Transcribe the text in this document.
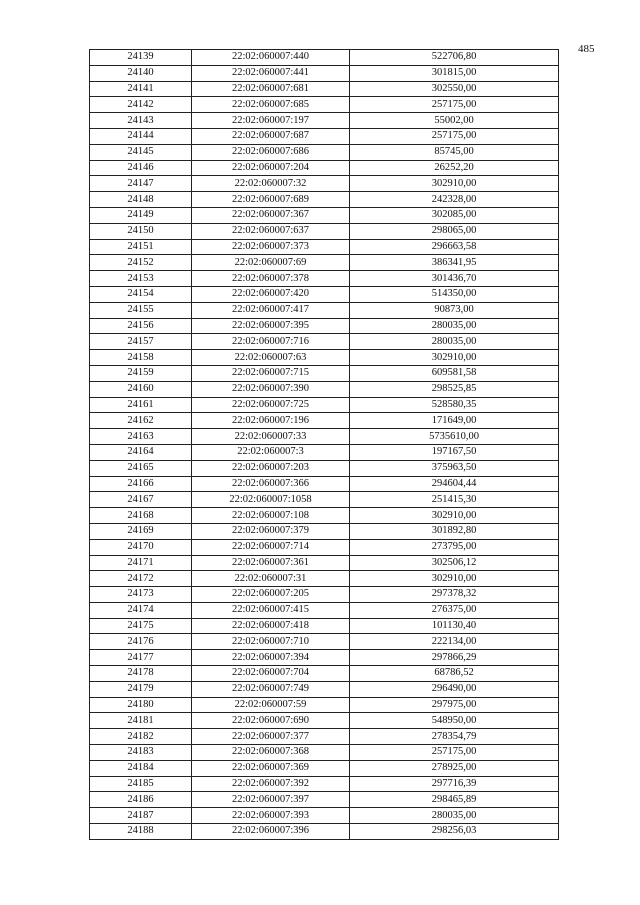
485
24139	22:02:060007:440	522706,80
24140	22:02:060007:441	301815,00
24141	22:02:060007:681	302550,00
24142	22:02:060007:685	257175,00
24143	22:02:060007:197	55002,00
24144	22:02:060007:687	257175,00
24145	22:02:060007:686	85745,00
24146	22:02:060007:204	26252,20
24147	22:02:060007:32	302910,00
24148	22:02:060007:689	242328,00
24149	22:02:060007:367	302085,00
24150	22:02:060007:637	298065,00
24151	22:02:060007:373	296663,58
24152	22:02:060007:69	386341,95
24153	22:02:060007:378	301436,70
24154	22:02:060007:420	514350,00
24155	22:02:060007:417	90873,00
24156	22:02:060007:395	280035,00
24157	22:02:060007:716	280035,00
24158	22:02:060007:63	302910,00
24159	22:02:060007:715	609581,58
24160	22:02:060007:390	298525,85
24161	22:02:060007:725	528580,35
24162	22:02:060007:196	171649,00
24163	22:02:060007:33	5735610,00
24164	22:02:060007:3	197167,50
24165	22:02:060007:203	375963,50
24166	22:02:060007:366	294604,44
24167	22:02:060007:1058	251415,30
24168	22:02:060007:108	302910,00
24169	22:02:060007:379	301892,80
24170	22:02:060007:714	273795,00
24171	22:02:060007:361	302506,12
24172	22:02:060007:31	302910,00
24173	22:02:060007:205	297378,32
24174	22:02:060007:415	276375,00
24175	22:02:060007:418	101130,40
24176	22:02:060007:710	222134,00
24177	22:02:060007:394	297866,29
24178	22:02:060007:704	68786,52
24179	22:02:060007:749	296490,00
24180	22:02:060007:59	297975,00
24181	22:02:060007:690	548950,00
24182	22:02:060007:377	278354,79
24183	22:02:060007:368	257175,00
24184	22:02:060007:369	278925,00
24185	22:02:060007:392	297716,39
24186	22:02:060007:397	298465,89
24187	22:02:060007:393	280035,00
24188	22:02:060007:396	298256,03
